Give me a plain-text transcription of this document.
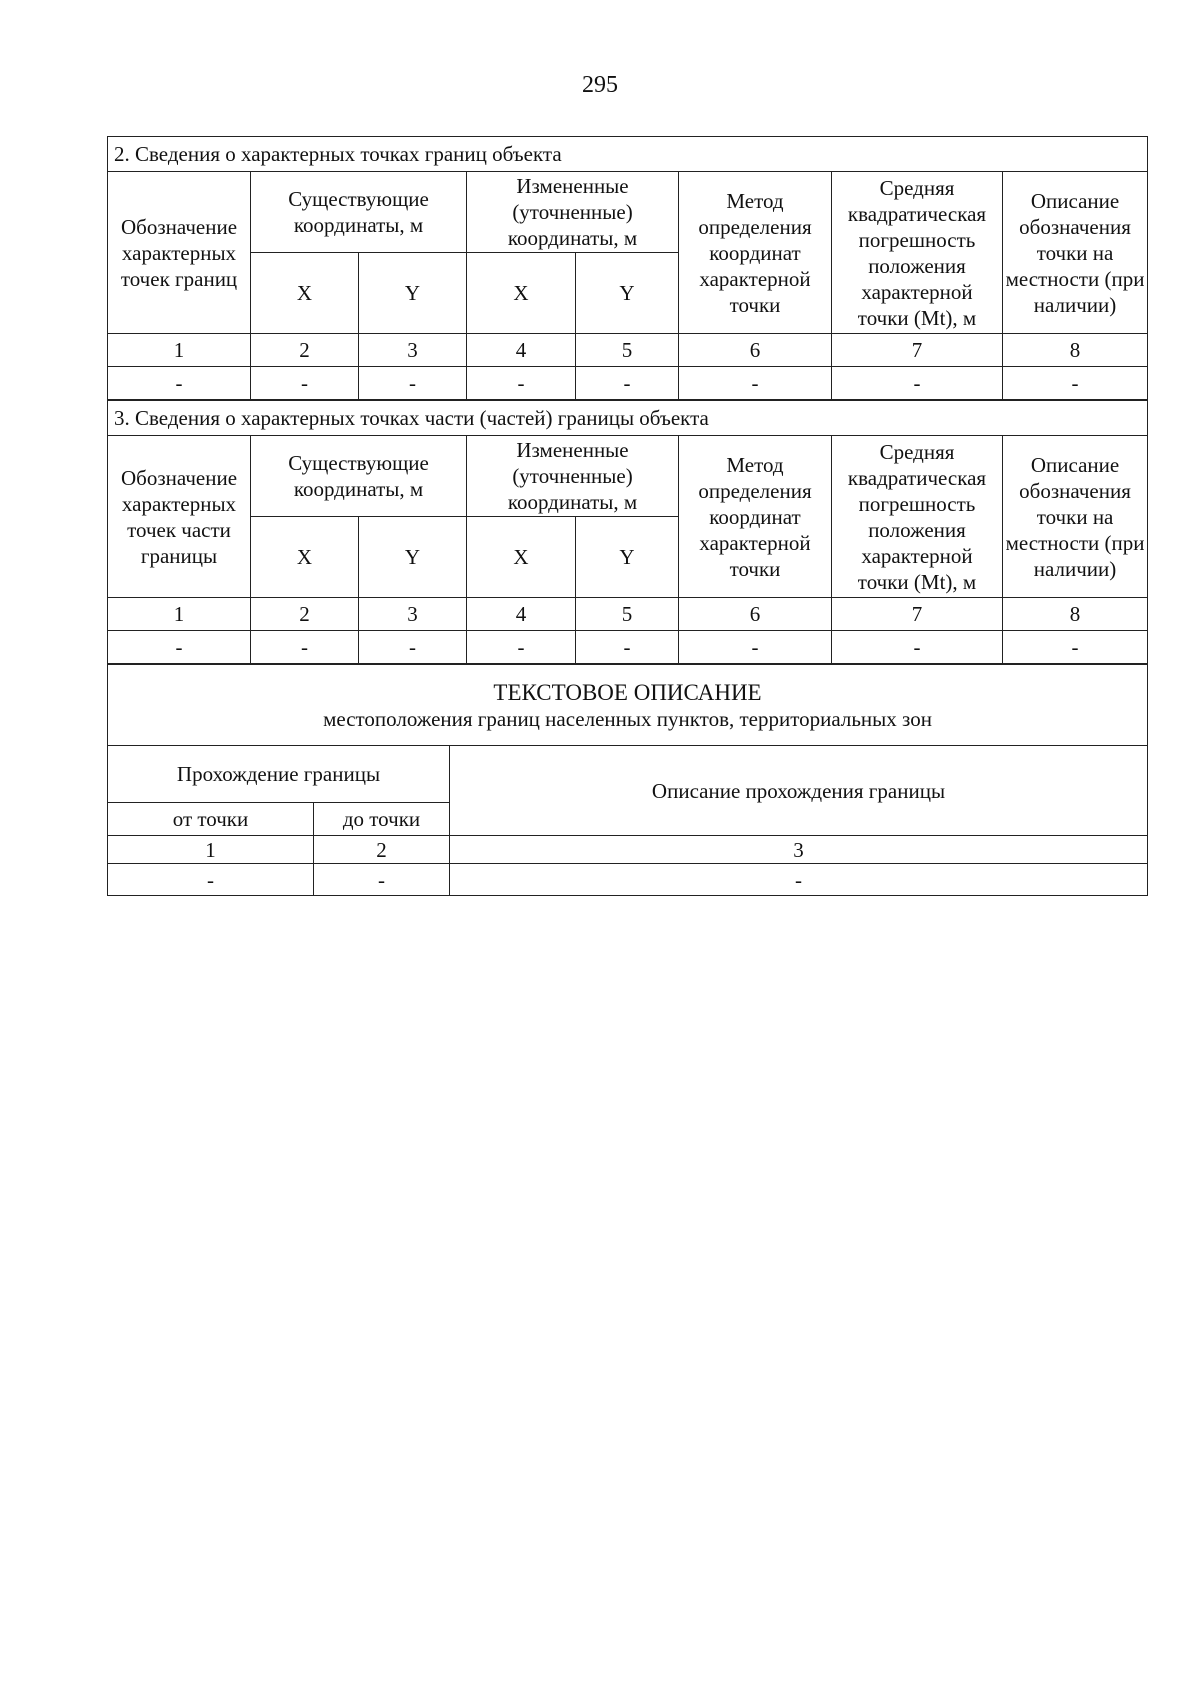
295
2. Сведения о характерных точках границ объекта							
Обозначение характерных точек границ	Существующие координаты, м		Измененные (уточненные) координаты, м		Метод определения координат характерной точки	Средняя квадратическая погрешность положения характерной точки (Mt), м	Описание обозначения точки на местности (при наличии)
	X	Y	X	Y			
1	2	3	4	5	6	7	8
-	-	-	-	-	-	-	-
3. Сведения о характерных точках части (частей) границы объекта							
Обозначение характерных точек части границы	Существующие координаты, м		Измененные (уточненные) координаты, м		Метод определения координат характерной точки	Средняя квадратическая погрешность положения характерной точки (Mt), м	Описание обозначения точки на местности (при наличии)
	X	Y	X	Y			
1	2	3	4	5	6	7	8
-	-	-	-	-	-	-	-
ТЕКСТОВОЕ ОПИСАНИЕ
местоположения границ населенных пунктов, территориальных зон		

Прохождение границы		Описание прохождения границы
от точки	до точки	
1	2	3
-	-	-
